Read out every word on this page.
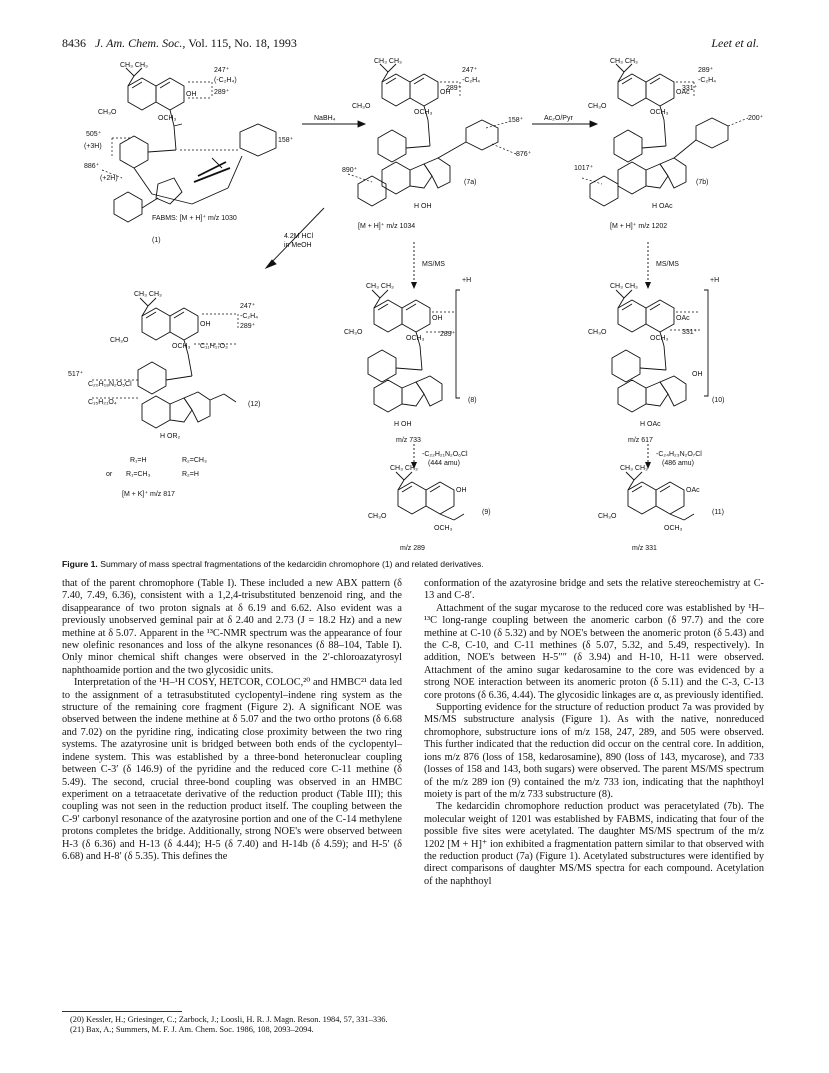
8436 J. Am. Chem. Soc., Vol. 115, No. 18, 1993	Leet et al.
CH₃ CH₃
CH₃O
OCH₃
OH
247⁺
(-C₂H₄)
289⁺
158⁺
505⁺
(+3H)
886⁺
(+2H)
FABMS: [M + H]⁺ m/z 1030
(1)
NaBH₄	Ac₂O/Pyr
4.2M HCl
in MeOH
CH₃ CH₃
CH₃O
OCH₃
OH
247⁺
-C₂H₄
289⁺
158⁺
876⁺
890⁺
H OH
(7a)
[M + H]⁺ m/z 1034
MS/MS
CH₃ CH₃
CH₃O
OCH₃
OAc
289⁺
-C₂H₄
331⁺
200⁺
1017⁺
H OAc
(7b)
[M + H]⁺ m/z 1202
MS/MS
CH₃ CH₃
CH₃O
OCH₃
OH
247⁺
-C₂H₄
289⁺
C₁₁H₁₇O₃
517⁺
C₂₀H₁₈N₂O₅Cl
C₁₅H₂₁O₄
H OR₂
(12)
R₁=H	R₂=CH₃
or R₁=CH₃	R₂=H
[M + K]⁺ m/z 817
CH₃ CH₃
CH₃O
OCH₃
OH
289⁺
+H
H OH
(8)
m/z 733
-C₂₂H₂₁N₂O₆Cl
(444 amu)
CH₃ CH₃
CH₃O
OCH₃
OH
(9)
m/z 289
CH₃ CH₃
CH₃O
OCH₃
OAc
331⁺
+H
OH
H OAc
(10)
m/z 617
-C₂₄H₂₃N₂O₇Cl
(486 amu)
CH₃ CH₃
CH₃O
OCH₃
OAc
(11)
m/z 331
Figure 1. Summary of mass spectral fragmentations of the kedarcidin chromophore (1) and related derivatives.

that of the parent chromophore (Table I). These included a new ABX pattern (δ 7.40, 7.49, 6.36), consistent with a 1,2,4-trisubstituted benzenoid ring, and the disappearance of two proton signals at δ 6.19 and 6.62. Also evident was a previously unobserved geminal pair at δ 2.40 and 2.73 (J = 18.2 Hz) and a new methine at δ 5.07. Apparent in the ¹³C-NMR spectrum was the appearance of four new olefinic resonances and loss of the alkyne resonances (δ 88–104, Table I). Only minor chemical shift changes were observed in the 2′-chloroazatyrosyl naphthoamide portion and the two glycosidic units.

Interpretation of the ¹H–¹H COSY, HETCOR, COLOC,²⁰ and HMBC²¹ data led to the assignment of a tetrasubstituted cyclopentyl–indene ring system as the structure of the remaining core fragment (Figure 2). A significant NOE was observed between the indene methine at δ 5.07 and the two ortho protons (δ 6.68 and 7.02) on the pyridine ring, indicating close proximity between the two ring systems. The azatyrosine unit is bridged between both ends of the cyclopentyl–indene system. This was established by a three-bond heteronuclear coupling between C-3′ (δ 146.9) of the pyridine and the reduced core C-11 methine (δ 5.49). The second, crucial three-bond coupling was observed in an HMBC experiment on a tetraacetate derivative of the reduction product (Table III); this coupling was not seen in the reduction product itself. The coupling between the C-9′ carbonyl resonance of the azatyrosine portion and one of the C-14 methylene protons completes the bridge. Additionally, strong NOE's were observed between H-3 (δ 6.36) and H-13 (δ 4.44); H-5 (δ 7.40) and H-14b (δ 4.59); and H-5′ (δ 6.68) and H-8′ (δ 5.35). This defines the

(20) Kessler, H.; Griesinger, C.; Zarbock, J.; Loosli, H. R. J. Magn. Reson. 1984, 57, 331–336.
(21) Bax, A.; Summers, M. F. J. Am. Chem. Soc. 1986, 108, 2093–2094.

conformation of the azatyrosine bridge and sets the relative stereochemistry at C-13 and C-8′.

Attachment of the sugar mycarose to the reduced core was established by ¹H–¹³C long-range coupling between the anomeric carbon (δ 97.7) and the core methine at C-10 (δ 5.32) and by NOE's between the anomeric proton (δ 5.43) and the C-8, C-10, and C-11 methines (δ 5.07, 5.32, and 5.49, respectively). In addition, NOE's between H-5″″ (δ 3.94) and H-10, H-11 were observed. Attachment of the amino sugar kedarosamine to the core was evidenced by a strong NOE interaction between its anomeric proton (δ 5.11) and the C-3, C-13 core protons (δ 6.36, 4.44). The glycosidic linkages are α, as previously identified.

Supporting evidence for the structure of reduction product 7a was provided by MS/MS substructure analysis (Figure 1). As with the native, nonreduced chromophore, substructure ions of m/z 158, 247, 289, and 505 were observed. This further indicated that the reduction did occur on the central core. In addition, ions m/z 876 (loss of 158, kedarosamine), 890 (loss of 143, mycarose), and 733 (losses of 158 and 143, both sugars) were observed. The parent MS/MS spectrum of the m/z 289 ion (9) contained the m/z 733 ion, indicating that the naphthoyl moiety is part of the m/z 733 substructure (8).

The kedarcidin chromophore reduction product was peracetylated (7b). The molecular weight of 1201 was established by FABMS, indicating that four of the possible five sites were acetylated. The daughter MS/MS spectrum of the m/z 1202 [M + H]⁺ ion exhibited a fragmentation pattern similar to that observed with the reduction product (7a) (Figure 1). Acetylated substructures were identified by direct comparisons of daughter MS/MS spectra for each compound. Acetylation of the naphthoyl
